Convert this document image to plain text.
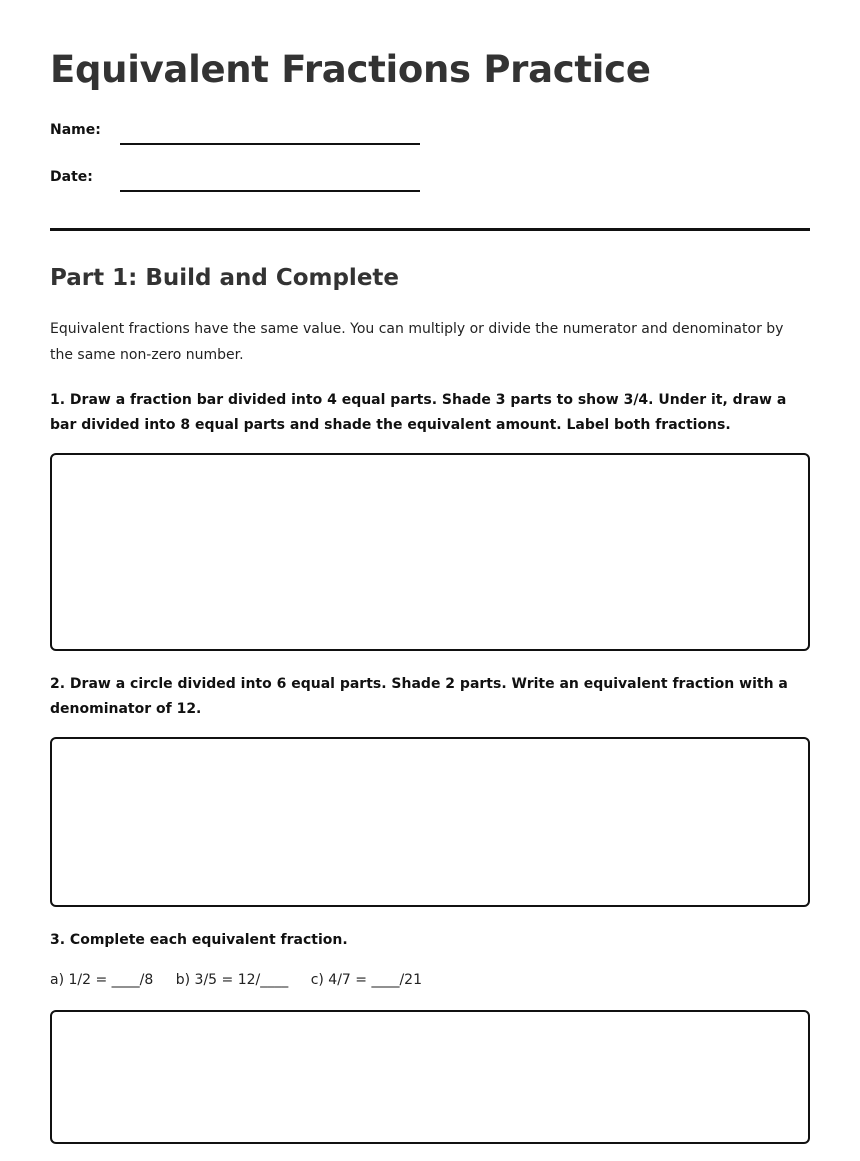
Equivalent Fractions Practice
Name:
Date:
Part 1: Build and Complete

Equivalent fractions have the same value. You can multiply or divide the numerator and denominator by the same non-zero number.

1. Draw a fraction bar divided into 4 equal parts. Shade 3 parts to show 3/4. Under it, draw a bar divided into 8 equal parts and shade the equivalent amount. Label both fractions.

2. Draw a circle divided into 6 equal parts. Shade 2 parts. Write an equivalent fraction with a denominator of 12.

3. Complete each equivalent fraction.

a) 1/2 = ____/8 b) 3/5 = 12/____ c) 4/7 = ____/21
